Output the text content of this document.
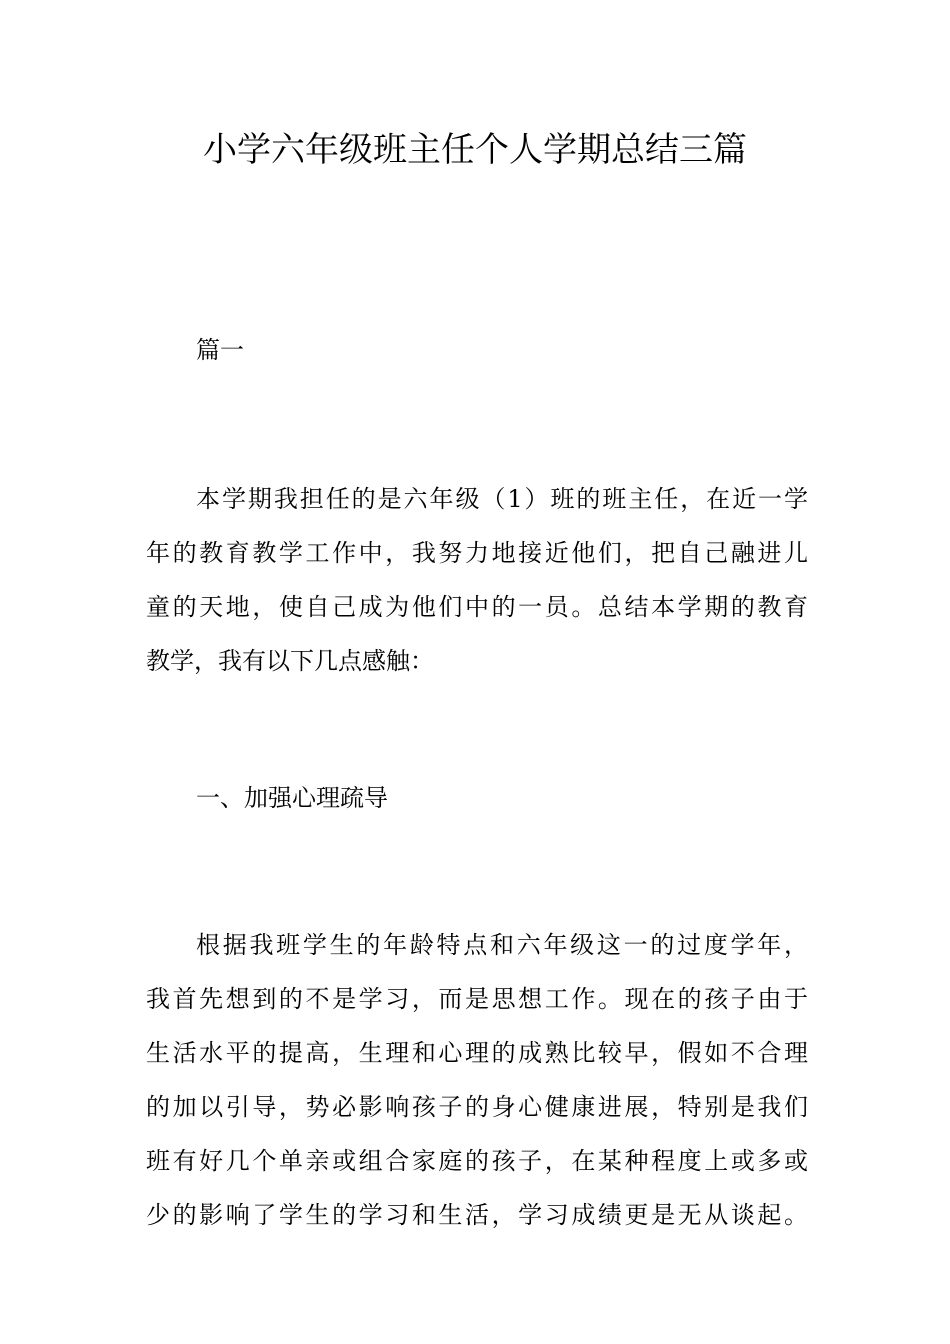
小学六年级班主任个人学期总结三篇

篇一

本学期我担任的是六年级（1）班的班主任，在近一学
年的教育教学工作中，我努力地接近他们，把自己融进儿
童的天地，使自己成为他们中的一员。总结本学期的教育
教学，我有以下几点感触：

一、加强心理疏导

根据我班学生的年龄特点和六年级这一的过度学年，
我首先想到的不是学习，而是思想工作。现在的孩子由于
生活水平的提高，生理和心理的成熟比较早，假如不合理
的加以引导，势必影响孩子的身心健康进展，特别是我们
班有好几个单亲或组合家庭的孩子，在某种程度上或多或
少的影响了学生的学习和生活，学习成绩更是无从谈起。
